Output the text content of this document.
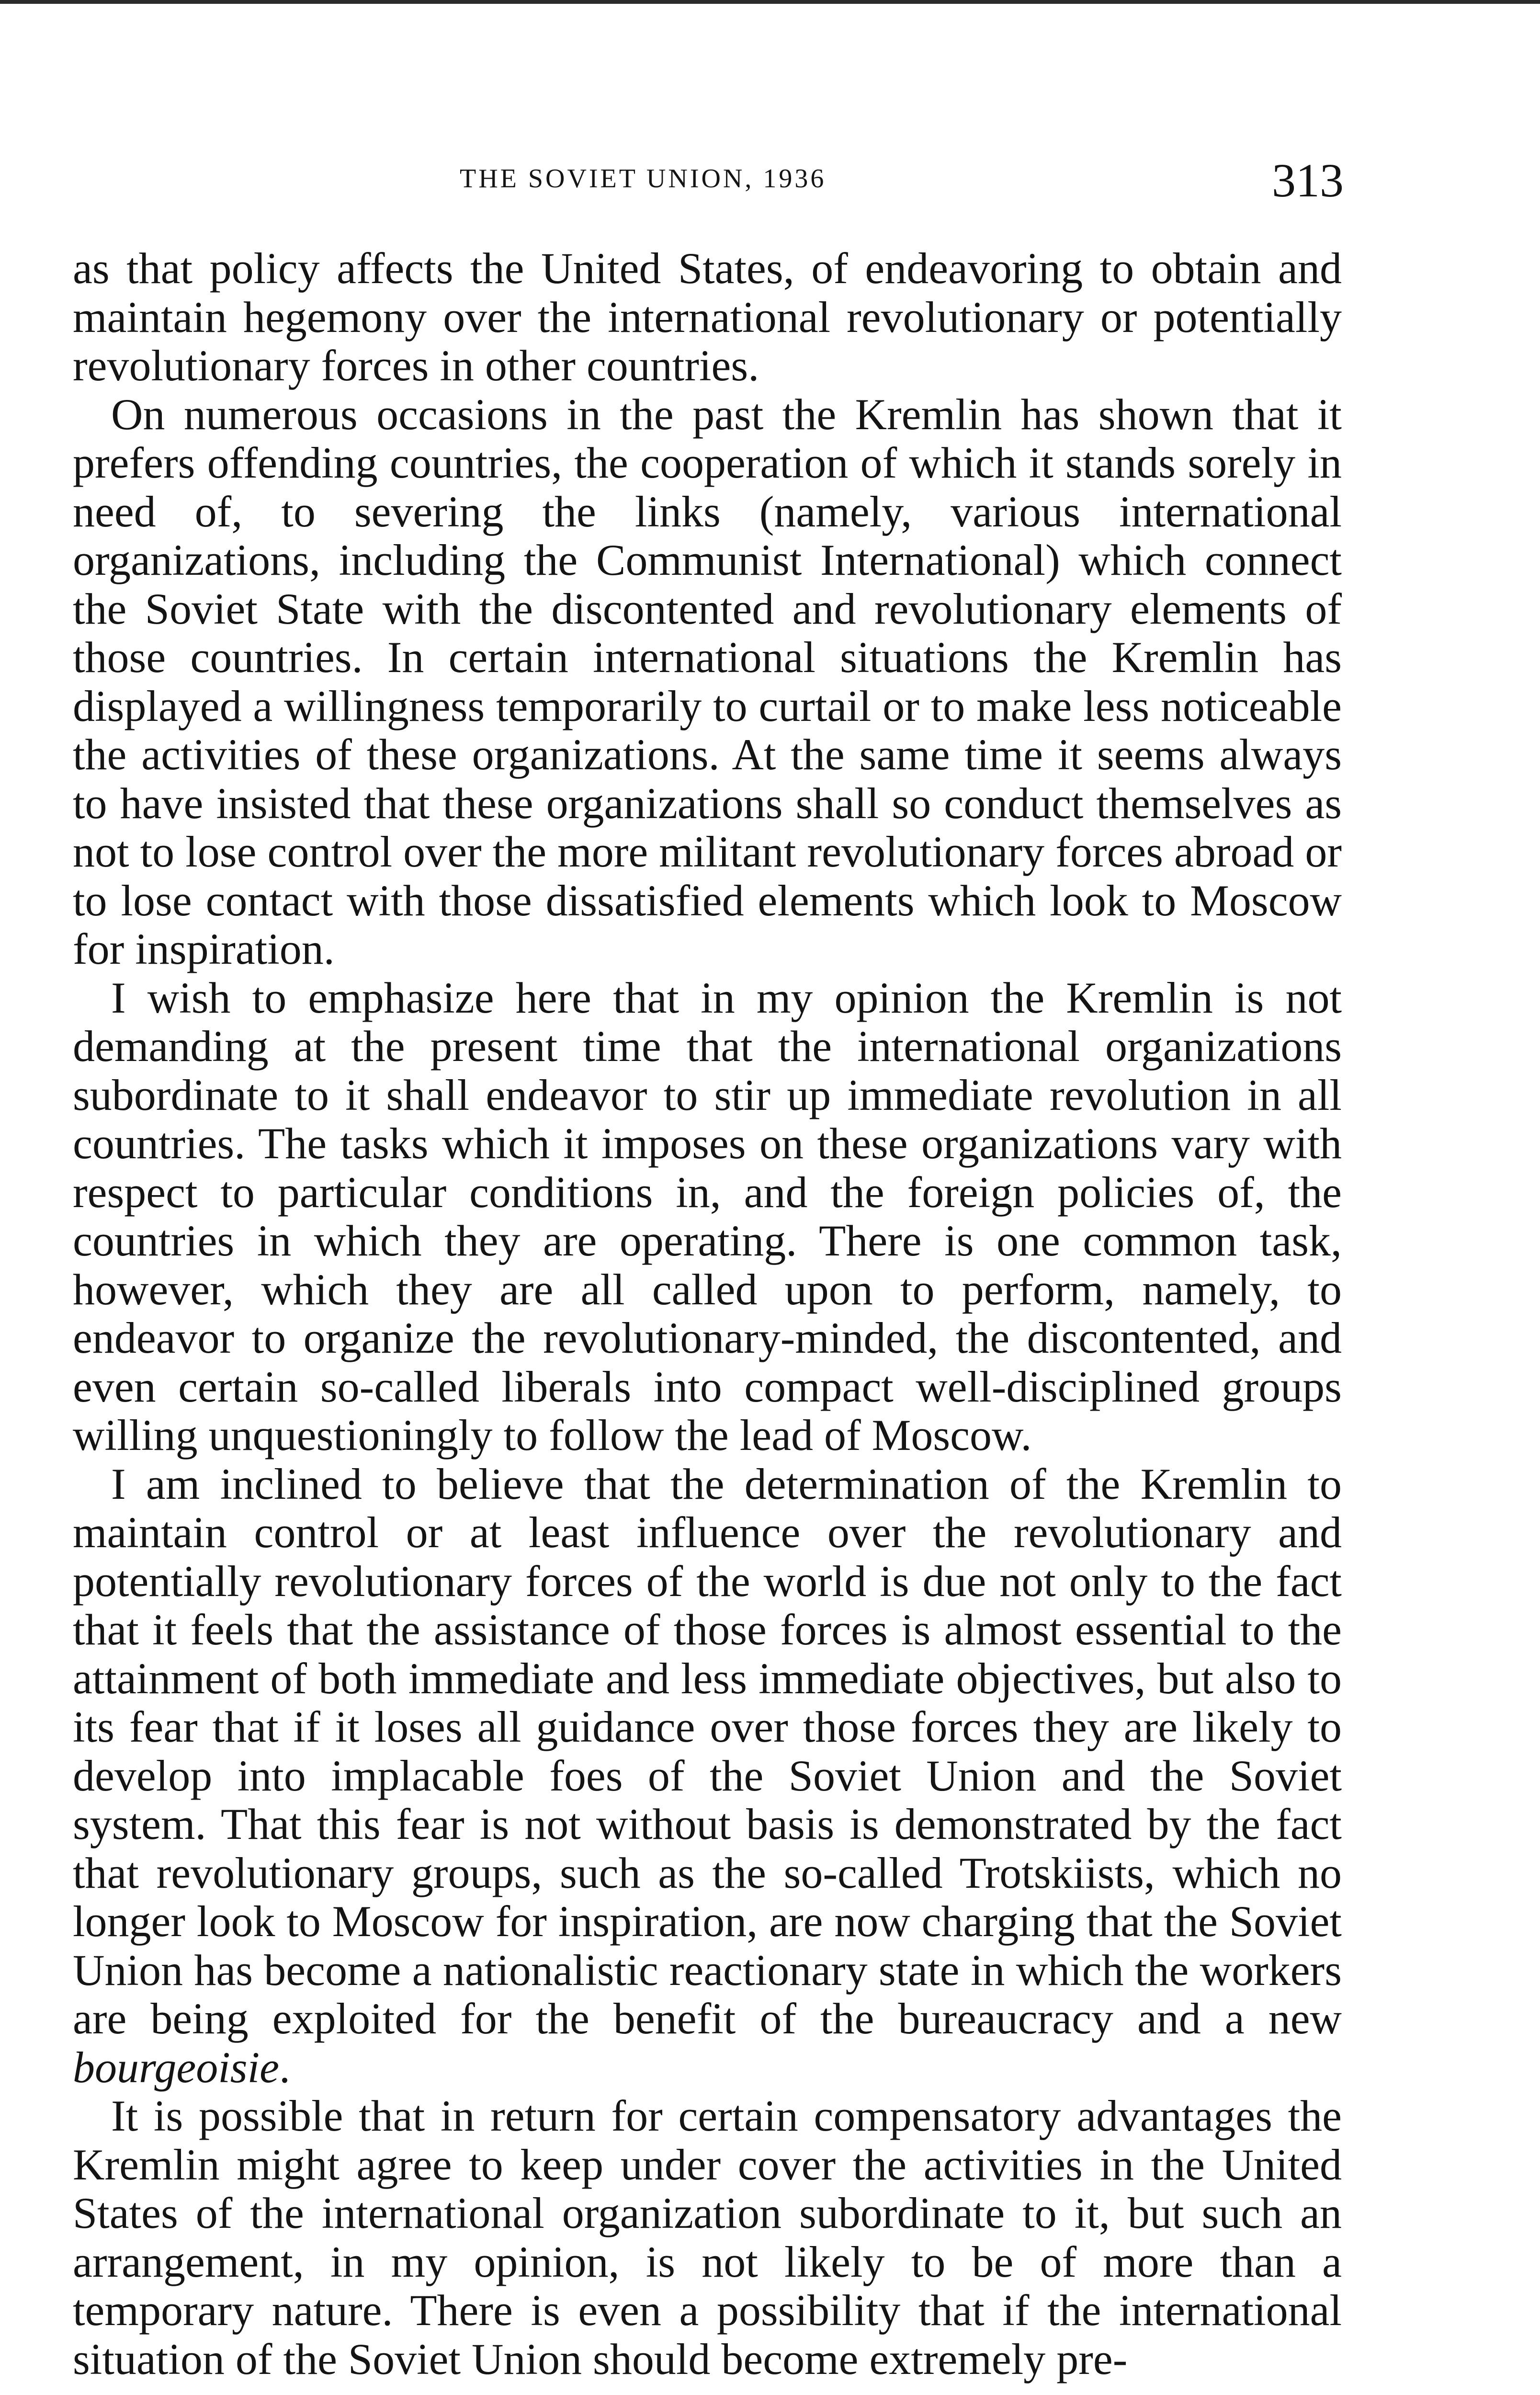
THE SOVIET UNION, 1936	313

as that policy affects the United States, of endeavoring to obtain and maintain hegemony over the international revolutionary or potentially revolutionary forces in other countries.

On numerous occasions in the past the Kremlin has shown that it prefers offending countries, the cooperation of which it stands sorely in need of, to severing the links (namely, various international organizations, including the Communist International) which connect the Soviet State with the discontented and revolutionary elements of those countries. In certain international situations the Kremlin has displayed a willingness temporarily to curtail or to make less noticeable the activities of these organizations. At the same time it seems always to have insisted that these organizations shall so conduct themselves as not to lose control over the more militant revolutionary forces abroad or to lose contact with those dissatisfied elements which look to Moscow for inspiration.

I wish to emphasize here that in my opinion the Kremlin is not demanding at the present time that the international organizations subordinate to it shall endeavor to stir up immediate revolution in all countries. The tasks which it imposes on these organizations vary with respect to particular conditions in, and the foreign policies of, the countries in which they are operating. There is one common task, however, which they are all called upon to perform, namely, to endeavor to organize the revolutionary-minded, the discontented, and even certain so-called liberals into compact well-disciplined groups willing unquestioningly to follow the lead of Moscow.

I am inclined to believe that the determination of the Kremlin to maintain control or at least influence over the revolutionary and potentially revolutionary forces of the world is due not only to the fact that it feels that the assistance of those forces is almost essential to the attainment of both immediate and less immediate objectives, but also to its fear that if it loses all guidance over those forces they are likely to develop into implacable foes of the Soviet Union and the Soviet system. That this fear is not without basis is demonstrated by the fact that revolutionary groups, such as the so-called Trotskiists, which no longer look to Moscow for inspiration, are now charging that the Soviet Union has become a nationalistic reactionary state in which the workers are being exploited for the benefit of the bureaucracy and a new bourgeoisie.

It is possible that in return for certain compensatory advantages the Kremlin might agree to keep under cover the activities in the United States of the international organization subordinate to it, but such an arrangement, in my opinion, is not likely to be of more than a temporary nature. There is even a possibility that if the international situation of the Soviet Union should become extremely pre-
